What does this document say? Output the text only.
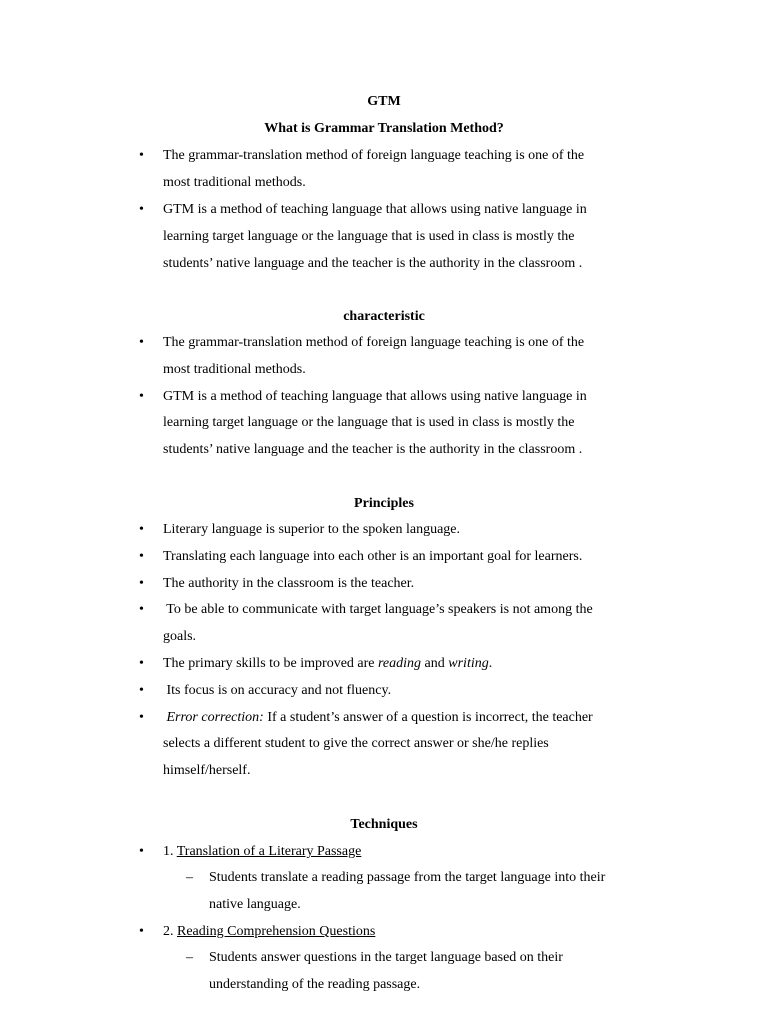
GTM
What is Grammar Translation Method?
• The grammar-translation method of foreign language teaching is one of the
most traditional methods.
• GTM is a method of teaching language that allows using native language in
learning target language or the language that is used in class is mostly the
students’ native language and the teacher is the authority in the classroom .
characteristic
• The grammar-translation method of foreign language teaching is one of the
most traditional methods.
• GTM is a method of teaching language that allows using native language in
learning target language or the language that is used in class is mostly the
students’ native language and the teacher is the authority in the classroom .
Principles
• Literary language is superior to the spoken language.
• Translating each language into each other is an important goal for learners.
• The authority in the classroom is the teacher.
• To be able to communicate with target language’s speakers is not among the
goals.
• The primary skills to be improved are reading and writing.
• Its focus is on accuracy and not fluency.
• Error correction: If a student’s answer of a question is incorrect, the teacher
selects a different student to give the correct answer or she/he replies
himself/herself.
Techniques
• 1. Translation of a Literary Passage
– Students translate a reading passage from the target language into their
native language.
• 2. Reading Comprehension Questions
– Students answer questions in the target language based on their
understanding of the reading passage.
